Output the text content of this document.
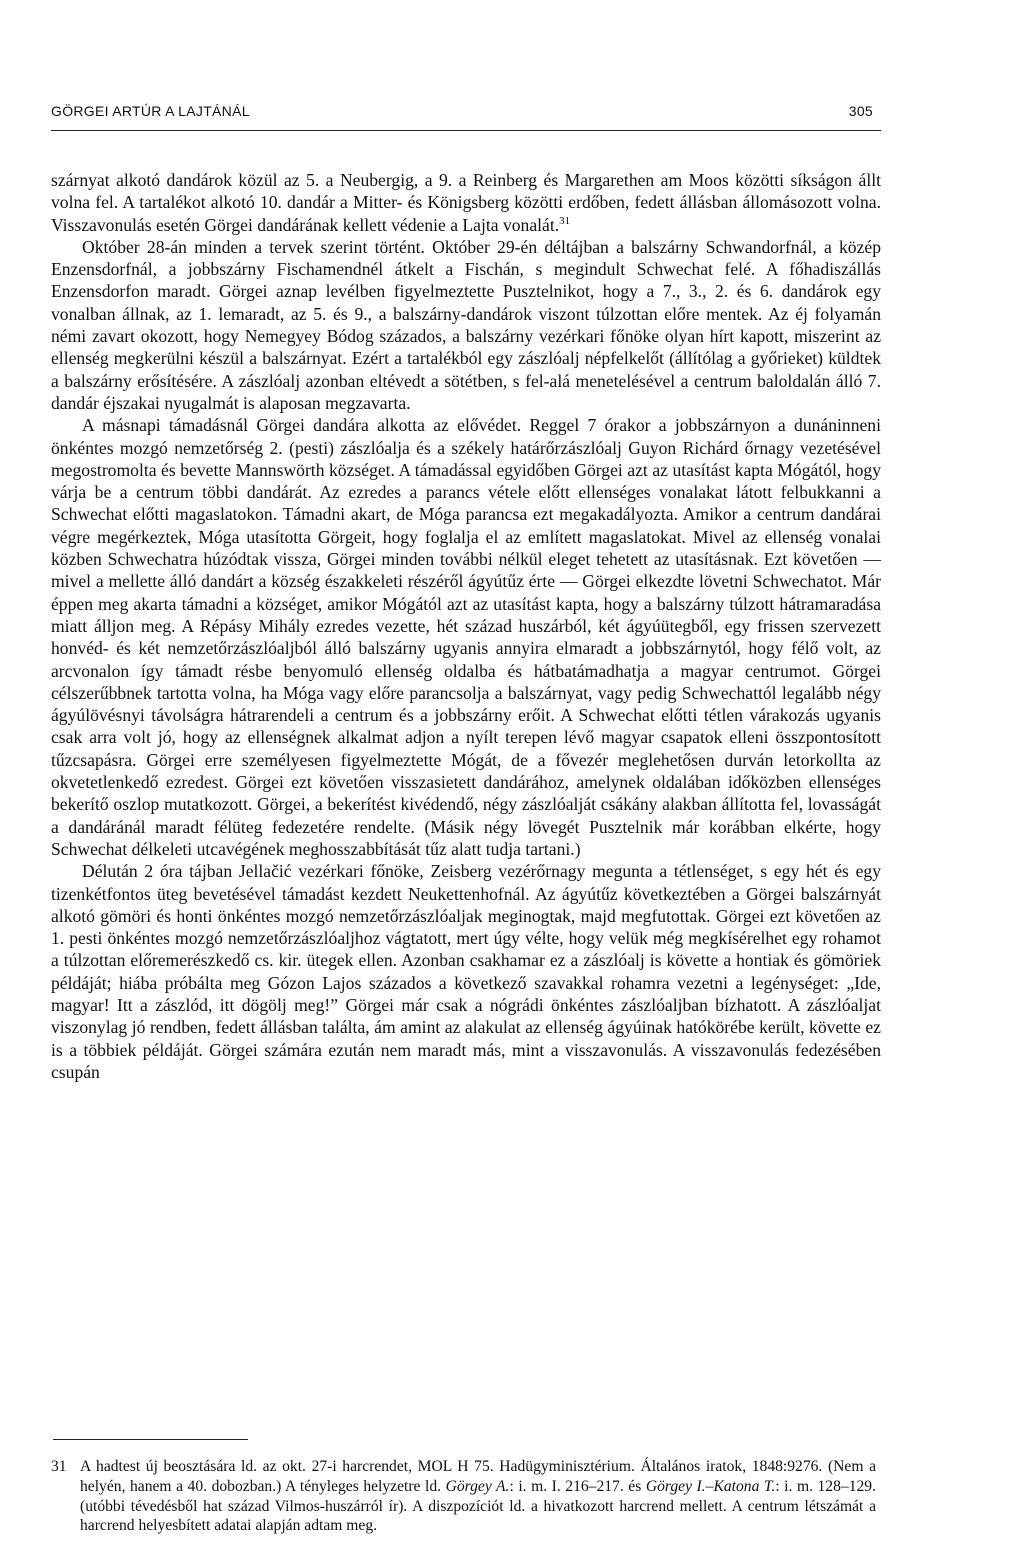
GÖRGEI ARTÚR A LAJTÁNÁL	305

szárnyat alkotó dandárok közül az 5. a Neubergig, a 9. a Reinberg és Margarethen am Moos közötti síkságon állt volna fel. A tartalékot alkotó 10. dandár a Mitter- és Königsberg közötti erdőben, fedett állásban állomásozott volna. Visszavonulás esetén Görgei dandárának kellett védenie a Lajta vonalát.$^{31}$

Október 28-án minden a tervek szerint történt. Október 29-én déltájban a balszárny Schwandorfnál, a közép Enzensdorfnál, a jobbszárny Fischamendnél átkelt a Fischán, s megindult Schwechat felé. A főhadiszállás Enzensdorfon maradt. Görgei aznap levélben figyelmeztette Pusztelnikot, hogy a 7., 3., 2. és 6. dandárok egy vonalban állnak, az 1. lemaradt, az 5. és 9., a balszárny-dandárok viszont túlzottan előre mentek. Az éj folyamán némi zavart okozott, hogy Nemegyey Bódog százados, a balszárny vezérkari főnöke olyan hírt kapott, miszerint az ellenség megkerülni készül a balszárnyat. Ezért a tartalékból egy zászlóalj népfelkelőt (állítólag a győrieket) küldtek a balszárny erősítésére. A zászlóalj azonban eltévedt a sötétben, s fel-alá menetelésével a centrum baloldalán álló 7. dandár éjszakai nyugalmát is alaposan megzavarta.

A másnapi támadásnál Görgei dandára alkotta az elővédet. Reggel 7 órakor a jobbszárnyon a dunáninneni önkéntes mozgó nemzetőrség 2. (pesti) zászlóalja és a székely határőrzászlóalj Guyon Richárd őrnagy vezetésével megostromolta és bevette Mannswörth községet. A támadással egyidőben Görgei azt az utasítást kapta Mógától, hogy várja be a centrum többi dandárát. Az ezredes a parancs vétele előtt ellenséges vonalakat látott felbukkanni a Schwechat előtti magaslatokon. Támadni akart, de Móga parancsa ezt megakadályozta. Amikor a centrum dandárai végre megérkeztek, Móga utasította Görgeit, hogy foglalja el az említett magaslatokat. Mivel az ellenség vonalai közben Schwechatra húzódtak vissza, Görgei minden további nélkül eleget tehetett az utasításnak. Ezt követően — mivel a mellette álló dandárt a község északkeleti részéről ágyútűz érte — Görgei elkezdte lövetni Schwechatot. Már éppen meg akarta támadni a községet, amikor Mógától azt az utasítást kapta, hogy a balszárny túlzott hátramaradása miatt álljon meg. A Répásy Mihály ezredes vezette, hét század huszárból, két ágyúütegből, egy frissen szervezett honvéd- és két nemzetőrzászlóaljból álló balszárny ugyanis annyira elmaradt a jobbszárnytól, hogy félő volt, az arcvonalon így támadt résbe benyomuló ellenség oldalba és hátbatámadhatja a magyar centrumot. Görgei célszerűbbnek tartotta volna, ha Móga vagy előre parancsolja a balszárnyat, vagy pedig Schwechattól legalább négy ágyúlövésnyi távolságra hátrarendeli a centrum és a jobbszárny erőit. A Schwechat előtti tétlen várakozás ugyanis csak arra volt jó, hogy az ellenségnek alkalmat adjon a nyílt terepen lévő magyar csapatok elleni összpontosított tűzcsapásra. Görgei erre személyesen figyelmeztette Mógát, de a fővezér meglehetősen durván letorkollta az okvetetlenkedő ezredest. Görgei ezt követően visszasietett dandárához, amelynek oldalában időközben ellenséges bekerítő oszlop mutatkozott. Görgei, a bekerítést kivédendő, négy zászlóalját csákány alakban állította fel, lovasságát a dandáránál maradt félüteg fedezetére rendelte. (Másik négy lövegét Pusztelnik már korábban elkérte, hogy Schwechat délkeleti utcavégének meghosszabbítását tűz alatt tudja tartani.)

Délután 2 óra tájban Jellačić vezérkari főnöke, Zeisberg vezérőrnagy megunta a tétlenséget, s egy hét és egy tizenkétfontos üteg bevetésével támadást kezdett Neukettenhofnál. Az ágyútűz következtében a Görgei balszárnyát alkotó gömöri és honti önkéntes mozgó nemzetőrzászlóaljak meginogtak, majd megfutottak. Görgei ezt követően az 1. pesti önkéntes mozgó nemzetőrzászlóaljhoz vágtatott, mert úgy vélte, hogy velük még megkísérelhet egy rohamot a túlzottan előremerészkedő cs. kir. ütegek ellen. Azonban csakhamar ez a zászlóalj is követte a hontiak és gömöriek példáját; hiába próbálta meg Gózon Lajos százados a következő szavakkal rohamra vezetni a legénységet: „Ide, magyar! Itt a zászlód, itt dögölj meg!” Görgei már csak a nógrádi önkéntes zászlóaljban bízhatott. A zászlóaljat viszonylag jó rendben, fedett állásban találta, ám amint az alakulat az ellenség ágyúinak hatókörébe került, követte ez is a többiek példáját. Görgei számára ezután nem maradt más, mint a visszavonulás. A visszavonulás fedezésében csupán

31 A hadtest új beosztására ld. az okt. 27-i harcrendet, MOL H 75. Hadügyminisztérium. Általános iratok, 1848:9276. (Nem a helyén, hanem a 40. dobozban.) A tényleges helyzetre ld. Görgey A.: i. m. I. 216–217. és Görgey I.–Katona T.: i. m. 128–129. (utóbbi tévedésből hat század Vilmos-huszárról ír). A diszpozíciót ld. a hivatkozott harcrend mellett. A centrum létszámát a harcrend helyesbített adatai alapján adtam meg.
